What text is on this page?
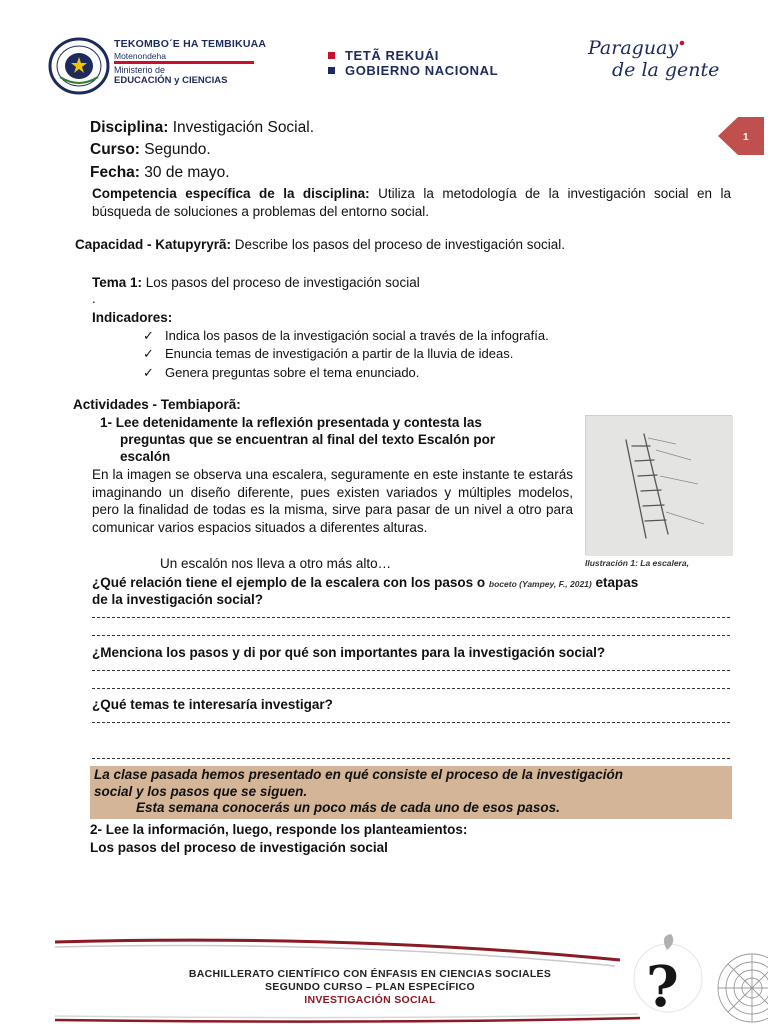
TEKOMBO´E HA TEMBIKUAA
Motenondeha
Ministerio de
EDUCACIÓN y CIENCIAS
TETÃ REKUÁI
GOBIERNO NACIONAL
Paraguay
de la gente
1
Disciplina: Investigación Social.
Curso: Segundo.
Fecha: 30 de mayo.
Competencia específica de la disciplina: Utiliza la metodología de la investigación social en la búsqueda de soluciones a problemas del entorno social.
Capacidad - Katupyryrã: Describe los pasos del proceso de investigación social.
Tema 1: Los pasos del proceso de investigación social
.
Indicadores:
✓ Indica los pasos de la investigación social a través de la infografía.
✓ Enuncia temas de investigación a partir de la lluvia de ideas.
✓ Genera preguntas sobre el tema enunciado.
Actividades - Tembiaporã:
1- Lee detenidamente la reflexión presentada y contesta las
preguntas que se encuentran al final del texto Escalón por
escalón
En la imagen se observa una escalera, seguramente en este instante te estarás imaginando un diseño diferente, pues existen variados y múltiples modelos, pero la finalidad de todas es la misma, sirve para pasar de un nivel a otro para comunicar varios espacios situados a diferentes alturas.
Un escalón nos lleva a otro más alto…	Ilustración 1: La escalera,
¿Qué relación tiene el ejemplo de la escalera con los pasos o boceto (Yampey, F., 2021) etapas
de la investigación social?
¿Menciona los pasos y di por qué son importantes para la investigación social?
¿Qué temas te interesaría investigar?
La clase pasada hemos presentado en qué consiste el proceso de la investigación
social y los pasos que se siguen.
Esta semana conocerás un poco más de cada uno de esos pasos.
2- Lee la información, luego, responde los planteamientos:
Los pasos del proceso de investigación social
?
BACHILLERATO CIENTÍFICO CON ÉNFASIS EN CIENCIAS SOCIALES
SEGUNDO CURSO – PLAN ESPECÍFICO
INVESTIGACIÓN SOCIAL
